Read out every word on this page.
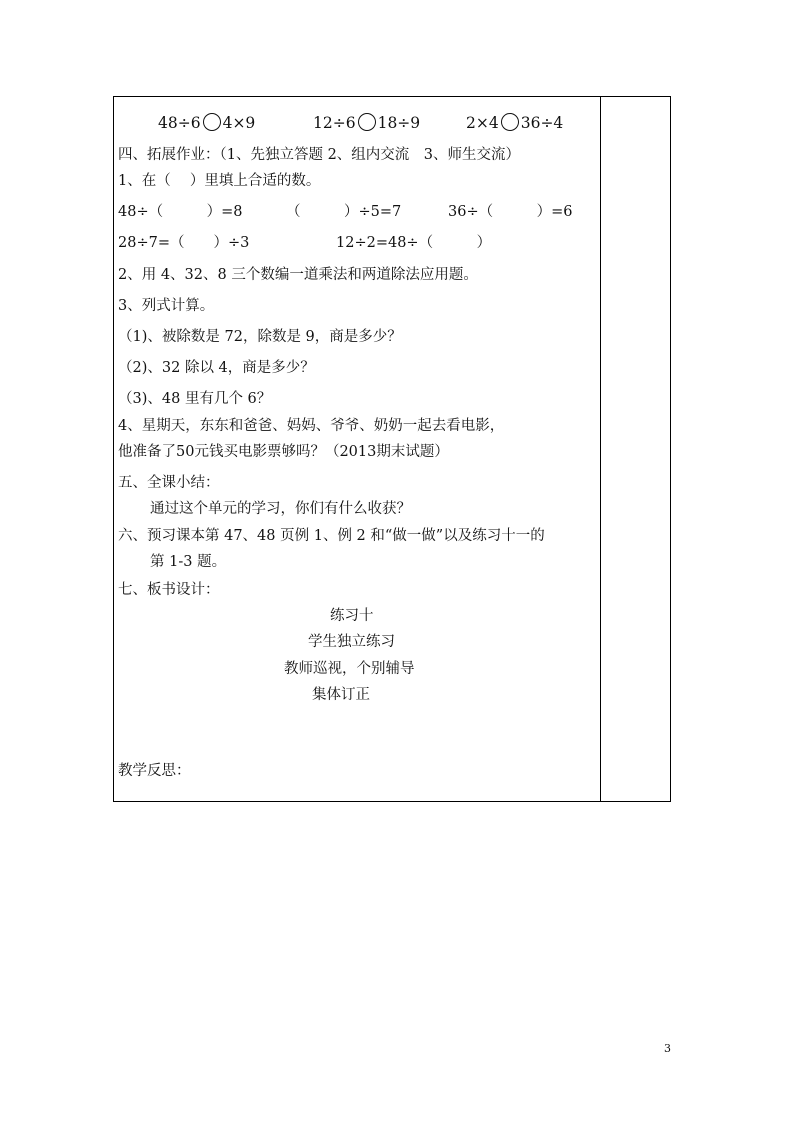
48÷6 4×9	12÷6 18÷9	2×4 36÷4
四、拓展作业：（1、先独立答题 2、组内交流　3、师生交流）
1、在（　 ）里填上合适的数。
48÷（　　　）=8	（　　　）÷5=7	36÷（　　　）=6
28÷7=（　　）÷3	12÷2=48÷（　　　）
2、用 4、32、8 三个数编一道乘法和两道除法应用题。
3、列式计算。
（1)、被除数是 72，除数是 9，商是多少？
（2)、32 除以 4，商是多少？
（3)、48 里有几个 6？
4、星期天，东东和爸爸、妈妈、爷爷、奶奶一起去看电影，
他准备了50元钱买电影票够吗？（2013期末试题）
五、全课小结：
通过这个单元的学习，你们有什么收获？
六、预习课本第 47、48 页例 1、例 2 和“做一做”以及练习十一的
第 1-3 题。
七、板书设计：
练习十
学生独立练习
教师巡视，个别辅导
集体订正
教学反思：
3
